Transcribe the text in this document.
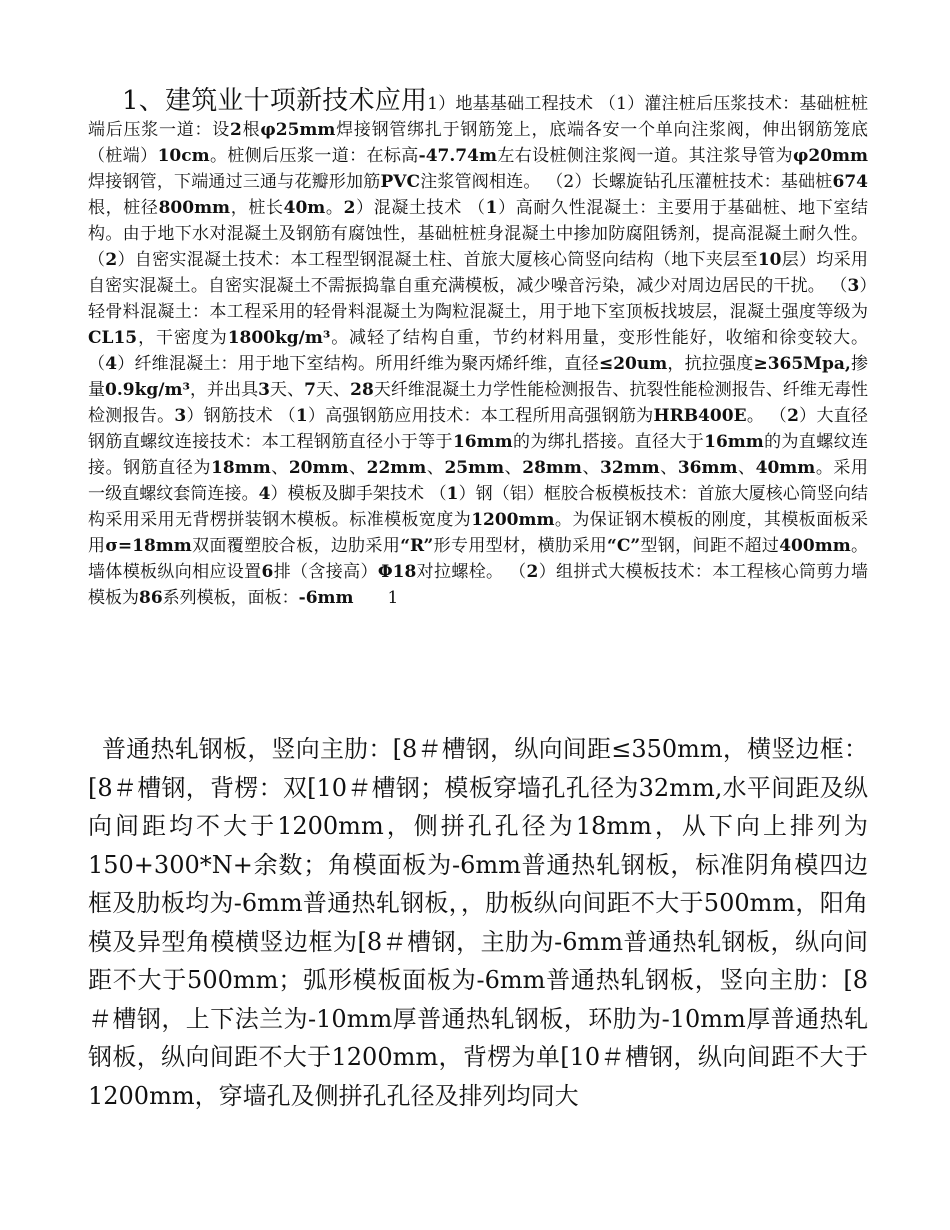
1、建筑业十项新技术应用1）地基基础工程技术 （1）灌注桩后压浆技术：基础桩桩端后压浆一道：设2根φ25mm焊接钢管绑扎于钢筋笼上，底端各安一个单向注浆阀，伸出钢筋笼底（桩端）10cm。桩侧后压浆一道：在标高-47.74m左右设桩侧注浆阀一道。其注浆导管为φ20mm焊接钢管，下端通过三通与花瓣形加筋PVC注浆管阀相连。 （2）长螺旋钻孔压灌桩技术：基础桩674根，桩径800mm，桩长40m。2）混凝土技术 （1）高耐久性混凝土：主要用于基础桩、地下室结构。由于地下水对混凝土及钢筋有腐蚀性，基础桩桩身混凝土中掺加防腐阻锈剂，提高混凝土耐久性。（2）自密实混凝土技术：本工程型钢混凝土柱、首旅大厦核心筒竖向结构（地下夹层至10层）均采用自密实混凝土。自密实混凝土不需振捣靠自重充满模板，减少噪音污染，减少对周边居民的干扰。 （3）轻骨料混凝土：本工程采用的轻骨料混凝土为陶粒混凝土，用于地下室顶板找坡层，混凝土强度等级为CL15，干密度为1800kg/m³。减轻了结构自重，节约材料用量，变形性能好，收缩和徐变较大。 （4）纤维混凝土：用于地下室结构。所用纤维为聚丙烯纤维，直径≤20um，抗拉强度≥365Mpa,掺量0.9kg/m³，并出具3天、7天、28天纤维混凝土力学性能检测报告、抗裂性能检测报告、纤维无毒性检测报告。3）钢筋技术 （1）高强钢筋应用技术：本工程所用高强钢筋为HRB400E。 （2）大直径钢筋直螺纹连接技术：本工程钢筋直径小于等于16mm的为绑扎搭接。直径大于16mm的为直螺纹连接。钢筋直径为18mm、20mm、22mm、25mm、28mm、32mm、36mm、40mm。采用一级直螺纹套筒连接。4）模板及脚手架技术 （1）钢（铝）框胶合板模板技术：首旅大厦核心筒竖向结构采用采用无背楞拼装钢木模板。标准模板宽度为1200mm。为保证钢木模板的刚度，其模板面板采用σ=18mm双面覆塑胶合板，边肋采用“R”形专用型材，横肋采用“C”型钢，间距不超过400mm。墙体模板纵向相应设置6排（含接高）Φ18对拉螺栓。 （2）组拼式大模板技术：本工程核心筒剪力墙模板为86系列模板，面板：-6mm 1
普通热轧钢板，竖向主肋：[8＃槽钢，纵向间距≤350mm，横竖边框：[8＃槽钢，背楞：双[10＃槽钢；模板穿墙孔孔径为32mm,水平间距及纵向间距均不大于1200mm，侧拼孔孔径为18mm，从下向上排列为150+300*N+余数；角模面板为-6mm普通热轧钢板，标准阴角模四边框及肋板均为-6mm普通热轧钢板，，肋板纵向间距不大于500mm，阳角模及异型角模横竖边框为[8＃槽钢，主肋为-6mm普通热轧钢板，纵向间距不大于500mm；弧形模板面板为-6mm普通热轧钢板，竖向主肋：[8＃槽钢，上下法兰为-10mm厚普通热轧钢板，环肋为-10mm厚普通热轧钢板，纵向间距不大于1200mm，背楞为单[10＃槽钢，纵向间距不大于1200mm，穿墙孔及侧拼孔孔径及排列均同大
